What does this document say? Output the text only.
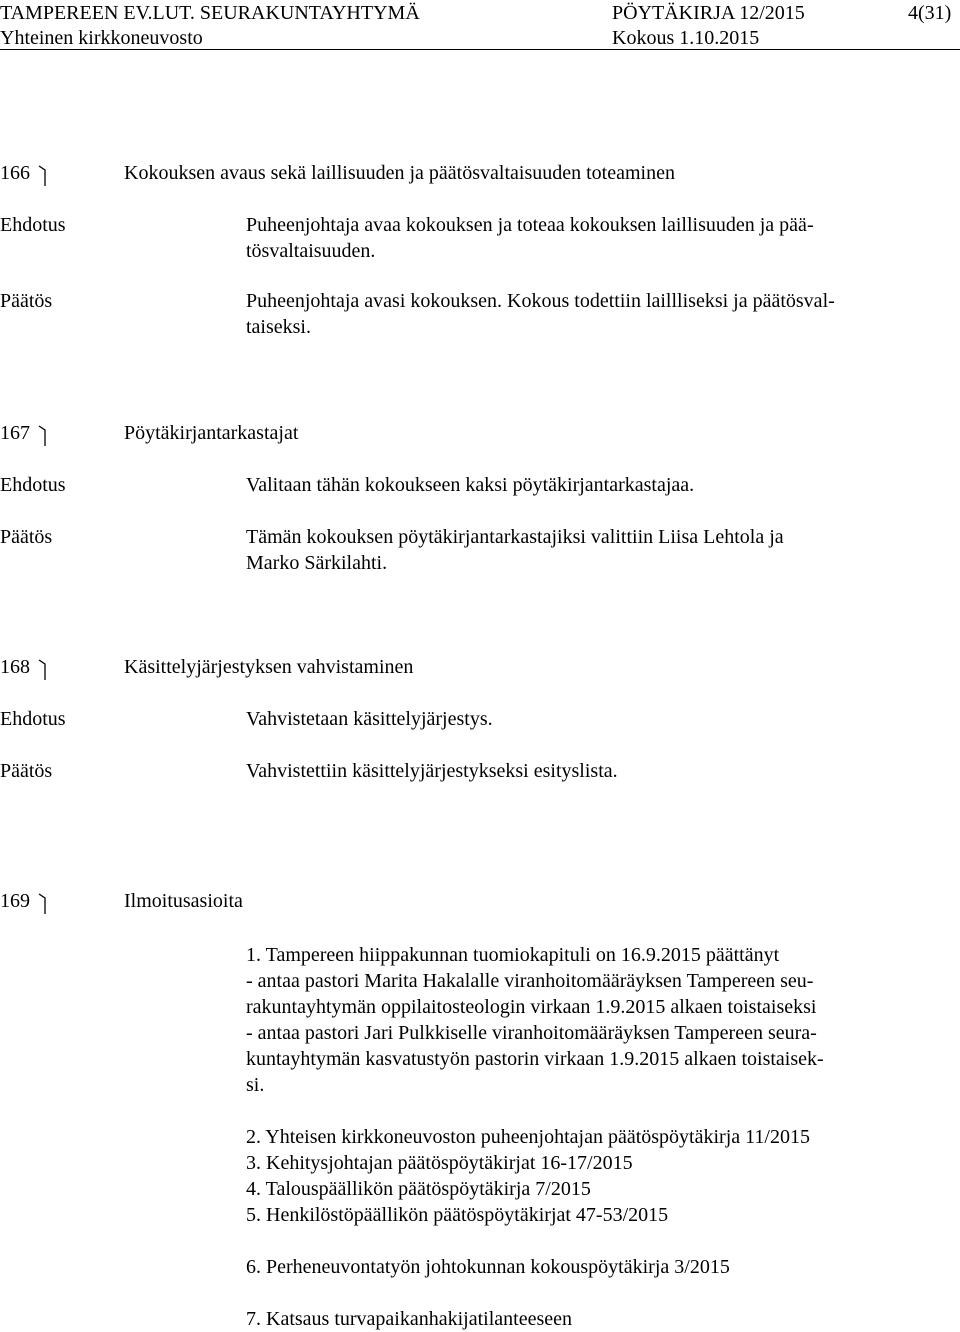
TAMPEREEN EV.LUT. SEURAKUNTAYHTYMÄ	PÖYTÄKIRJA 12/2015	4(31)
Yhteinen kirkkoneuvosto	Kokous 1.10.2015
166	Kokouksen avaus sekä laillisuuden ja päätösvaltaisuuden toteaminen
Ehdotus	Puheenjohtaja avaa kokouksen ja toteaa kokouksen laillisuuden ja pää-
tösvaltaisuuden.
Päätös	Puheenjohtaja avasi kokouksen. Kokous todettiin laillliseksi ja päätösval-
taiseksi.
167	Pöytäkirjantarkastajat
Ehdotus	Valitaan tähän kokoukseen kaksi pöytäkirjantarkastajaa.
Päätös	Tämän kokouksen pöytäkirjantarkastajiksi valittiin Liisa Lehtola ja
Marko Särkilahti.
168	Käsittelyjärjestyksen vahvistaminen
Ehdotus	Vahvistetaan käsittelyjärjestys.
Päätös	Vahvistettiin käsittelyjärjestykseksi esityslista.
169	Ilmoitusasioita
1. Tampereen hiippakunnan tuomiokapituli on 16.9.2015 päättänyt
- antaa pastori Marita Hakalalle viranhoitomääräyksen Tampereen seu-
rakuntayhtymän oppilaitosteologin virkaan 1.9.2015 alkaen toistaiseksi
- antaa pastori Jari Pulkkiselle viranhoitomääräyksen Tampereen seura-
kuntayhtymän kasvatustyön pastorin virkaan 1.9.2015 alkaen toistaisek-
si.
2. Yhteisen kirkkoneuvoston puheenjohtajan päätöspöytäkirja 11/2015
3. Kehitysjohtajan päätöspöytäkirjat 16-17/2015
4. Talouspäällikön päätöspöytäkirja 7/2015
5. Henkilöstöpäällikön päätöspöytäkirjat 47-53/2015
6. Perheneuvontatyön johtokunnan kokouspöytäkirja 3/2015
7. Katsaus turvapaikanhakijatilanteeseen
